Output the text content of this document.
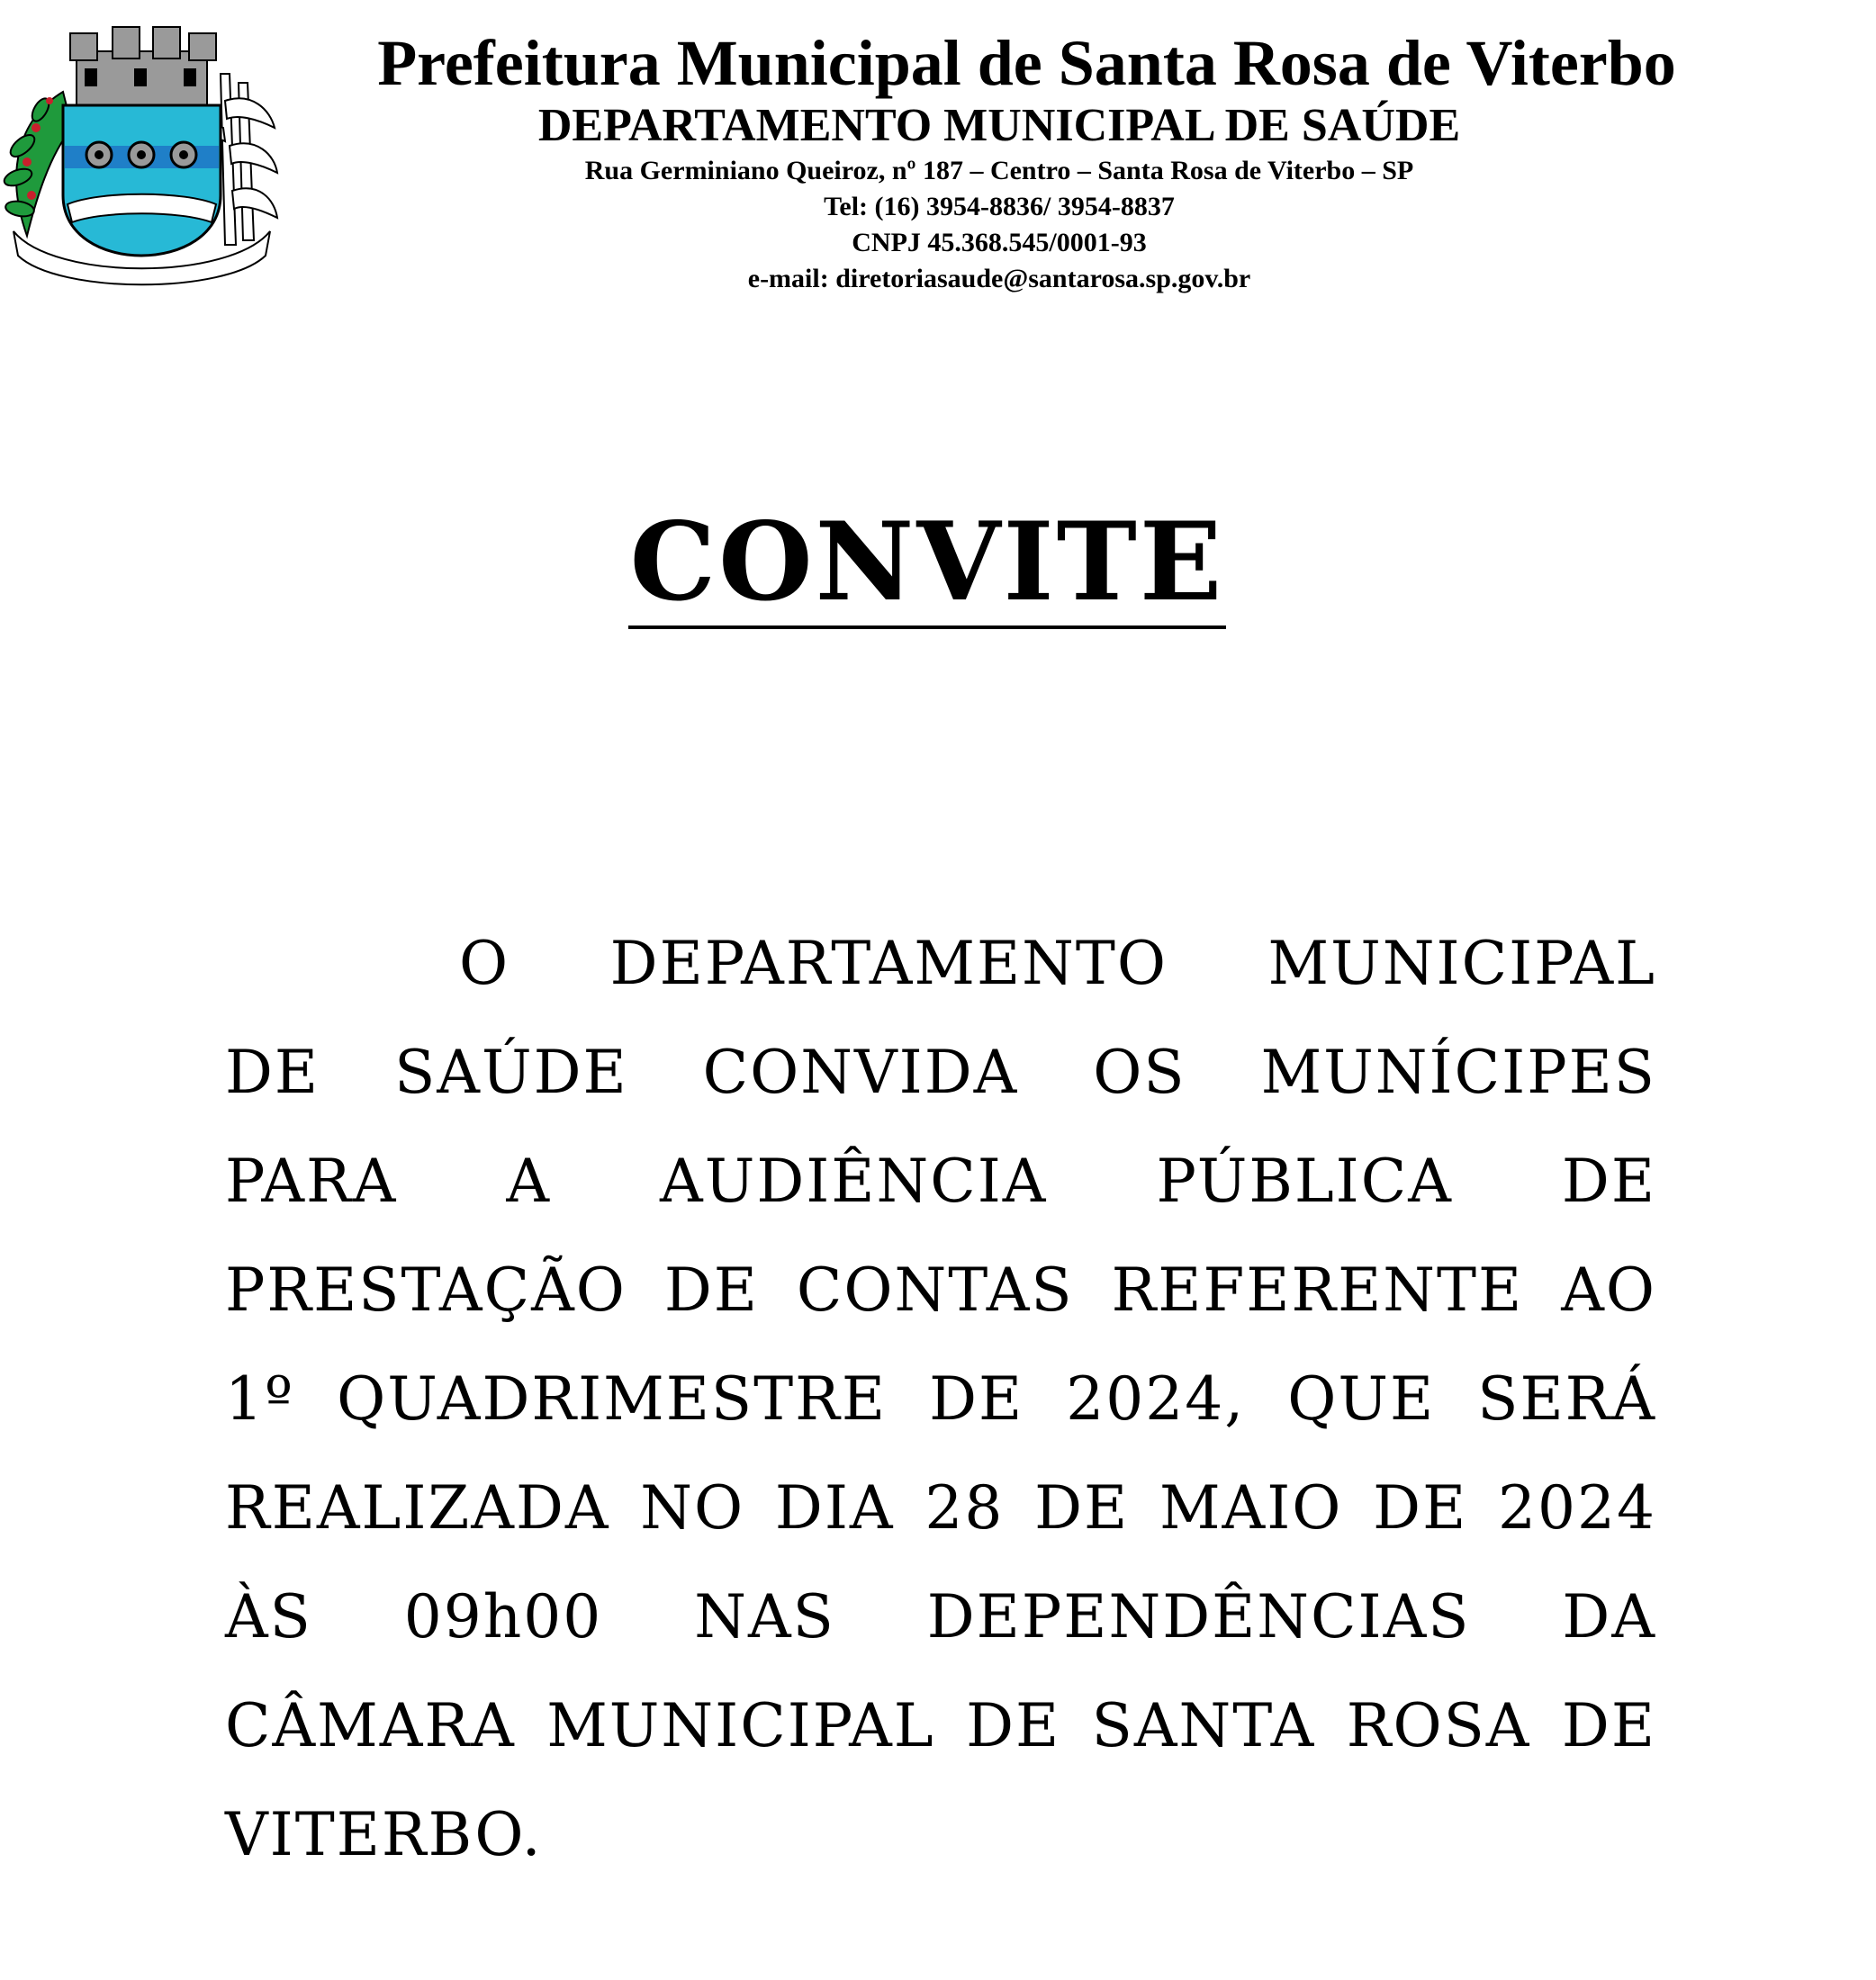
Prefeitura Municipal de Santa Rosa de Viterbo
DEPARTAMENTO MUNICIPAL DE SAÚDE
Rua Germiniano Queiroz, nº 187 – Centro – Santa Rosa de Viterbo – SP
Tel: (16) 3954-8836/ 3954-8837
CNPJ 45.368.545/0001-93
e-mail: diretoriasaude@santarosa.sp.gov.br
CONVITE
O DEPARTAMENTO MUNICIPAL
DE SAÚDE CONVIDA OS MUNÍCIPES
PARA A AUDIÊNCIA PÚBLICA DE
PRESTAÇÃO DE CONTAS REFERENTE AO
1º QUADRIMESTRE DE 2024, QUE SERÁ
REALIZADA NO DIA 28 DE MAIO DE 2024
ÀS 09h00 NAS DEPENDÊNCIAS DA
CÂMARA MUNICIPAL DE SANTA ROSA DE
VITERBO.
